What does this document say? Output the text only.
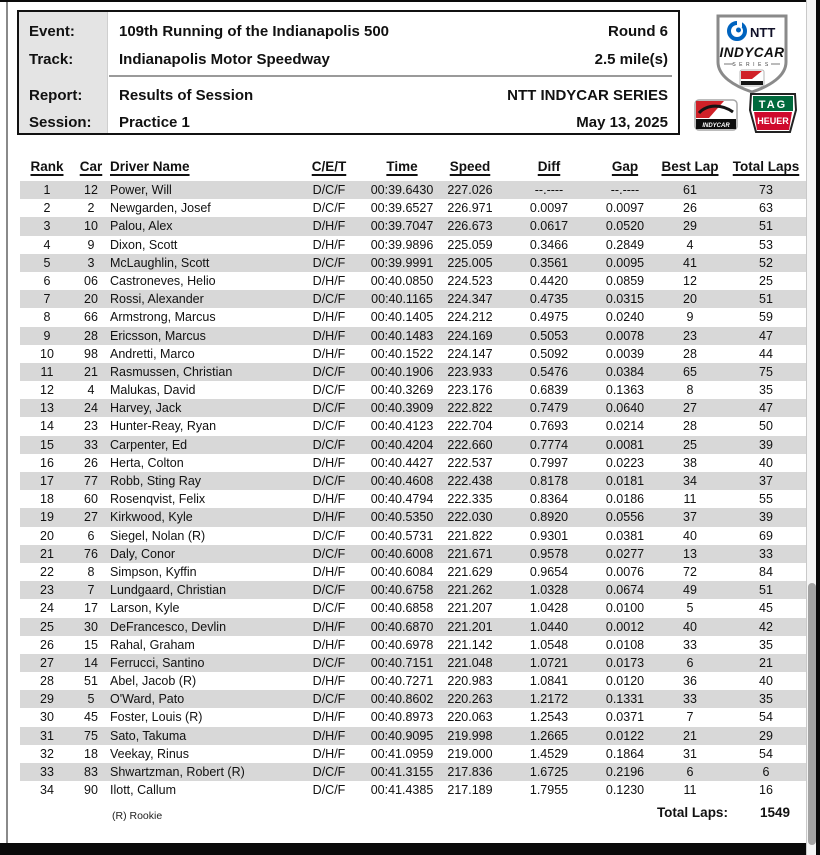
Event:	109th Running of the Indianapolis 500	Round 6
Track:	Indianapolis Motor Speedway	2.5 mile(s)
Report:	Results of Session	NTT INDYCAR SERIES
Session:	Practice 1	May 13, 2025
NTT
INDYCAR
SERIES
INDYCAR
TAG
HEUER
Rank	Car Driver Name	C/E/T	Time	Speed	Diff	Gap	Best Lap	Total Laps
1	12 Power, Will	D/C/F	00:39.6430	227.026	--.----	--.----	61	73
2	2	Newgarden, Josef	D/C/F	00:39.6527	226.971	0.0097	0.0097	26	63
3	10 Palou, Alex	D/H/F	00:39.7047	226.673	0.0617	0.0520	29	51
4	9	Dixon, Scott	D/H/F	00:39.9896	225.059	0.3466	0.2849	4	53
5	3	McLaughlin, Scott	D/C/F	00:39.9991	225.005	0.3561	0.0095	41	52
6	06 Castroneves, Helio	D/H/F	00:40.0850	224.523	0.4420	0.0859	12	25
7	20 Rossi, Alexander	D/C/F	00:40.1165	224.347	0.4735	0.0315	20	51
8	66 Armstrong, Marcus	D/H/F	00:40.1405	224.212	0.4975	0.0240	9	59
9	28 Ericsson, Marcus	D/H/F	00:40.1483	224.169	0.5053	0.0078	23	47
10	98 Andretti, Marco	D/H/F	00:40.1522	224.147	0.5092	0.0039	28	44
11	21 Rasmussen, Christian	D/C/F	00:40.1906	223.933	0.5476	0.0384	65	75
12	4	Malukas, David	D/C/F	00:40.3269	223.176	0.6839	0.1363	8	35
13	24 Harvey, Jack	D/C/F	00:40.3909	222.822	0.7479	0.0640	27	47
14	23 Hunter-Reay, Ryan	D/C/F	00:40.4123	222.704	0.7693	0.0214	28	50
15	33 Carpenter, Ed	D/C/F	00:40.4204	222.660	0.7774	0.0081	25	39
16	26 Herta, Colton	D/H/F	00:40.4427	222.537	0.7997	0.0223	38	40
17	77 Robb, Sting Ray	D/C/F	00:40.4608	222.438	0.8178	0.0181	34	37
18	60 Rosenqvist, Felix	D/H/F	00:40.4794	222.335	0.8364	0.0186	11	55
19	27 Kirkwood, Kyle	D/H/F	00:40.5350	222.030	0.8920	0.0556	37	39
20	6	Siegel, Nolan (R)	D/C/F	00:40.5731	221.822	0.9301	0.0381	40	69
21	76 Daly, Conor	D/C/F	00:40.6008	221.671	0.9578	0.0277	13	33
22	8	Simpson, Kyffin	D/H/F	00:40.6084	221.629	0.9654	0.0076	72	84
23	7	Lundgaard, Christian	D/C/F	00:40.6758	221.262	1.0328	0.0674	49	51
24	17 Larson, Kyle	D/C/F	00:40.6858	221.207	1.0428	0.0100	5	45
25	30 DeFrancesco, Devlin	D/H/F	00:40.6870	221.201	1.0440	0.0012	40	42
26	15 Rahal, Graham	D/H/F	00:40.6978	221.142	1.0548	0.0108	33	35
27	14 Ferrucci, Santino	D/C/F	00:40.7151	221.048	1.0721	0.0173	6	21
28	51 Abel, Jacob (R)	D/H/F	00:40.7271	220.983	1.0841	0.0120	36	40
29	5	O'Ward, Pato	D/C/F	00:40.8602	220.263	1.2172	0.1331	33	35
30	45 Foster, Louis (R)	D/H/F	00:40.8973	220.063	1.2543	0.0371	7	54
31	75 Sato, Takuma	D/H/F	00:40.9095	219.998	1.2665	0.0122	21	29
32	18 Veekay, Rinus	D/H/F	00:41.0959	219.000	1.4529	0.1864	31	54
33	83 Shwartzman, Robert (R)	D/C/F	00:41.3155	217.836	1.6725	0.2196	6	6
34	90 Ilott, Callum	D/C/F	00:41.4385	217.189	1.7955	0.1230	11	16
(R) Rookie	Total Laps: 1549
